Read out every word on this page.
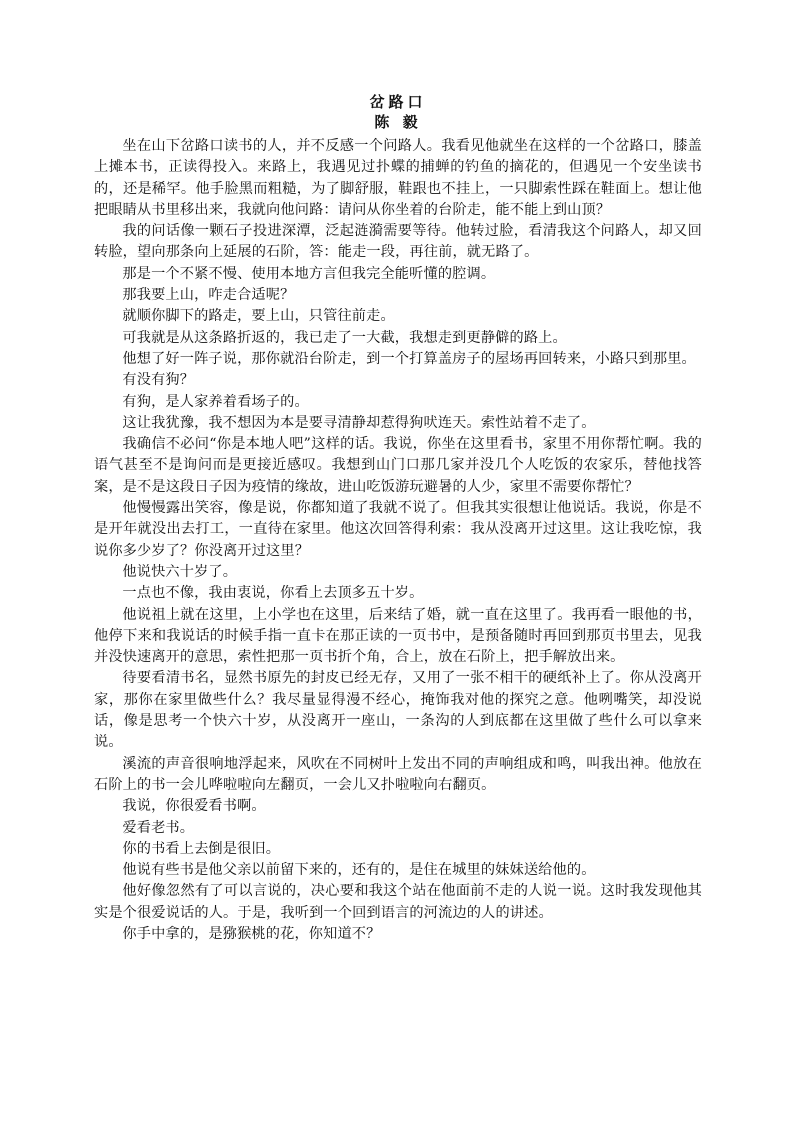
岔路口
陈 毅

坐在山下岔路口读书的人，并不反感一个问路人。我看见他就坐在这样的一个岔路口，膝盖上摊本书，正读得投入。来路上，我遇见过扑蝶的捕蝉的钓鱼的摘花的，但遇见一个安坐读书的，还是稀罕。他手脸黑而粗糙，为了脚舒服，鞋跟也不挂上，一只脚索性踩在鞋面上。想让他把眼睛从书里移出来，我就向他问路：请问从你坐着的台阶走，能不能上到山顶？

我的问话像一颗石子投进深潭，泛起涟漪需要等待。他转过脸，看清我这个问路人，却又回转脸，望向那条向上延展的石阶，答：能走一段，再往前，就无路了。

那是一个不紧不慢、使用本地方言但我完全能听懂的腔调。

那我要上山，咋走合适呢？

就顺你脚下的路走，要上山，只管往前走。

可我就是从这条路折返的，我已走了一大截，我想走到更静僻的路上。

他想了好一阵子说，那你就沿台阶走，到一个打算盖房子的屋场再回转来，小路只到那里。

有没有狗？

有狗，是人家养着看场子的。

这让我犹豫，我不想因为本是要寻清静却惹得狗吠连天。索性站着不走了。

我确信不必问“你是本地人吧”这样的话。我说，你坐在这里看书，家里不用你帮忙啊。我的语气甚至不是询问而是更接近感叹。我想到山门口那几家并没几个人吃饭的农家乐，替他找答案，是不是这段日子因为疫情的缘故，进山吃饭游玩避暑的人少，家里不需要你帮忙？

他慢慢露出笑容，像是说，你都知道了我就不说了。但我其实很想让他说话。我说，你是不是开年就没出去打工，一直待在家里。他这次回答得利索：我从没离开过这里。这让我吃惊，我说你多少岁了？你没离开过这里？

他说快六十岁了。

一点也不像，我由衷说，你看上去顶多五十岁。

他说祖上就在这里，上小学也在这里，后来结了婚，就一直在这里了。我再看一眼他的书，他停下来和我说话的时候手指一直卡在那正读的一页书中，是预备随时再回到那页书里去，见我并没快速离开的意思，索性把那一页书折个角，合上，放在石阶上，把手解放出来。

待要看清书名，显然书原先的封皮已经无存，又用了一张不相干的硬纸补上了。你从没离开家，那你在家里做些什么？我尽量显得漫不经心，掩饰我对他的探究之意。他咧嘴笑，却没说话，像是思考一个快六十岁，从没离开一座山，一条沟的人到底都在这里做了些什么可以拿来说。

溪流的声音很响地浮起来，风吹在不同树叶上发出不同的声响组成和鸣，叫我出神。他放在石阶上的书一会儿哗啦啦向左翻页，一会儿又扑啦啦向右翻页。

我说，你很爱看书啊。

爱看老书。

你的书看上去倒是很旧。

他说有些书是他父亲以前留下来的，还有的，是住在城里的妹妹送给他的。

他好像忽然有了可以言说的，决心要和我这个站在他面前不走的人说一说。这时我发现他其实是个很爱说话的人。于是，我听到一个回到语言的河流边的人的讲述。

你手中拿的，是猕猴桃的花，你知道不？
